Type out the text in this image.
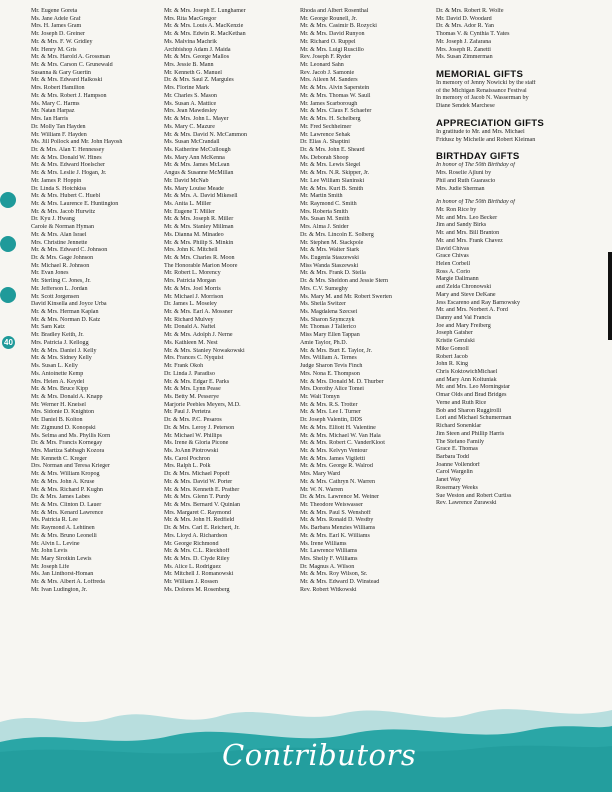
Mr. Eugene Goreta
Ms. Jane Adele Graf
Mrs. H. James Gram
Mr. Joseph D. Greiner
Mr. & Mrs. F. W. Gridley
Mr. Henry M. Gris
Mr. & Mrs. Harold A. Grossman
Mr. & Mrs. Carson C. Grunewald
Susanna & Gary Guertin
Mr. & Mrs. Edward Halkoski
Mrs. Robert Hamilton
Mr. & Mrs. Robert J. Hampson
Ms. Mary C. Harms
Mr. Natan Harpaz
Mrs. Ian Harris
Dr. Molly Tan Hayden
Mr. William F. Hayden
Ms. Jill Pollock and Mr. John Hayosh
Dr. & Mrs. Alan T. Hennessey
Mr. & Mrs. Donald W. Hines
Mr. & Mrs. Edward Hoelscher
Mr. & Mrs. Leslie J. Hogan, Jr.
Mr. James P. Hoppin
Dr. Linda S. Hotchkiss
Mr. & Mrs. Hubert C. Huebl
Mr. & Mrs. Laurence E. Huntington
Mr. & Mrs. Jacob Hurwitz
Dr. Kyu J. Hwang
Carole & Norman Hyman
Mr. & Mrs. Alan Israel
Mrs. Christine Jennette
Mr. & Mrs. Edward C. Johnson
Dr. & Mrs. Gage Johnson
Mr. Michael R. Johnson
Mr. Evan Jones
Mr. Sterling C. Jones, Jr.
Mr. Jefferson L. Jordan
Mr. Scott Jorgensen
David Kinsella and Joyce Urba
Mr. & Mrs. Herman Kaplan
Mr. & Mrs. Norman D. Katz
Mr. Sam Katz
Mr. Bradley Keith, Jr.
Mrs. Patricia J. Kellogg
Mr. & Mrs. Daniel J. Kelly
Mr. & Mrs. Sidney Kelly
Ms. Susan L. Kelly
Ms. Antoinette Kemp
Mrs. Helen A. Keydel
Mr. & Mrs. Bruce Kipp
Mr. & Mrs. Donald A. Knapp
Mr. Werner H. Kneisel
Mrs. Sidonie D. Knighton
Mr. Daniel B. Kolton
Mr. Zigmund D. Konopski
Ms. Selma and Ms. Phyllis Korn
Dr. & Mrs. Francis Kornegay
Mrs. Martiza Sabbagh Kozora
Mr. Kenneth C. Kreger
Drs. Norman and Teresa Krieger
Mr. & Mrs. William Kropog
Mr. & Mrs. John A. Kruse
Mr. & Mrs. Richard P. Kughn
Dr. & Mrs. James Labes
Mr. & Mrs. Clinton D. Lauer
Mr. & Mrs. Kenard Lawrence
Ms. Patricia R. Lee
Mr. Raymond A. Lehtinen
Mr. & Mrs. Bruno Leonelli
Mr. Alvin L. Levine
Mr. John Levis
Mr. Mary Sirotkin Lewis
Mr. Joseph Life
Ms. Jan Linthorst-Homan
Mr. & Mrs. Albert A. Loffreda
Mr. Ivan Ludington, Jr.
Mr. & Mrs. Joseph E. Lunghamer
Mrs. Rita MacGregor
Mr. & Mrs. Louis A. MacKenzie
Mr. & Mrs. Edwin R. MacKethan
Ms. Malvina Machrik
Archbishop Adam J. Maida
Mr. & Mrs. George Mallos
Mrs. Jessie B. Mann
Mr. Kenneth G. Manuel
Dr. & Mrs. Saul Z. Margules
Mrs. Florine Mark
Mr. Charles S. Mason
Ms. Susan A. Mattice
Mrs. Jean Mawdesley
Mr. & Mrs. John L. Mayer
Ms. Mary C. Mazure
Mr. & Mrs. David N. McCammon
Ms. Susan McCrandall
Ms. Katherine McCullough
Ms. Mary Ann McKenna
Mr. & Mrs. James McLean
Angus & Susanne McMillan
Mr. David McNab
Ms. Mary Louise Meade
Mr. & Mrs. A. David Mikesell
Ms. Anita L. Miller
Mr. Eugene T. Miller
Mr. & Mrs. Joseph R. Miller
Mr. & Mrs. Stanley Millman
Ms. Dianna M. Minadeo
Mr. & Mrs. Philip S. Minkin
Mrs. John K. Mitchell
Mr. & Mrs. Charles R. Moon
The Honorable Marion Moore
Mr. Robert L. Morency
Mrs. Patricia Morgan
Mr. & Mrs. Joel Morris
Mr. Michael J. Morrison
Dr. James L. Moseley
Mr. & Mrs. Earl A. Mossner
Mr. Richard Mulvey
Mr. Donald A. Naftel
Mr. & Mrs. Adolph J. Nerne
Ms. Kathleen M. Nest
Mr. & Mrs. Stanley Nowakowski
Mrs. Frances C. Nyquist
Mr. Frank Okoh
Dr. Linda J. Paradiso
Mr. & Mrs. Edgar E. Parks
Mr. & Mrs. Lynn Pease
Ms. Betty M. Pesserye
Marjorie Peebles Meyers, M.D.
Mr. Paul J. Pertetra
Dr. & Mrs. P.C. Pesaros
Dr. & Mrs. Leroy J. Peterson
Mr. Michael W. Phillips
Ms. Irene & Gloria Picone
Ms. JoAnn Piotrowski
Ms. Carol Pochron
Mrs. Ralph L. Polk
Dr. & Mrs. Michael Popoff
Mr. & Mrs. David W. Porter
Mr. & Mrs. Kenneth E. Prather
Mr. & Mrs. Glenn T. Purdy
Mr. & Mrs. Bernard V. Quinlan
Mrs. Margaret C. Raymond
Mr. & Mrs. John H. Redfield
Dr. & Mrs. Carl E. Reichert, Jr.
Mrs. Lloyd A. Richardson
Mr. George Richmond
Mr. & Mrs. C.L. Rieckhoff
Mr. & Mrs. D. Clyde Riley
Ms. Alice L. Rodriguez
Mr. Mitchell J. Romanowski
Mr. William J. Rossen
Ms. Dolores M. Rosenberg
Rhoda and Albert Rosenthal
Mr. George Rounell, Jr.
Mr. & Mrs. Casimir B. Rozycki
Mr. & Mrs. David Runyon
Mr. Richard O. Ruppel
Mr. & Mrs. Luigi Ruscillo
Rev. Joseph F. Ryder
Mr. Leonard Sahn
Rev. Jacob J. Samonie
Mrs. Aileen M. Sanders
Mr. & Mrs. Alvin Saperstein
Mr. & Mrs. Thomas W. Saull
Mr. James Scarborough
Mr. & Mrs. Claus F. Schaefer
Mr. & Mrs. H. Schelberg
Mr. Fred Sechheimer
Mr. Lawrence Sehak
Dr. Elias A. Shaptini
Dr. & Mrs. John E. Sheard
Ms. Deborah Shoop
Mr. & Mrs. Lewis Siegel
Mr. & Mrs. N.R. Skipper, Jr.
Mr. Lee William Slaninski
Mr. & Mrs. Kurt B. Smith
Mr. Martin Smith
Mr. Raymond C. Smith
Mrs. Roberta Smith
Ms. Susan M. Smith
Mrs. Alma J. Snider
Dr. & Mrs. Lincoln E. Solberg
Mr. Stephen M. Stackpole
Mr. & Mrs. Walter Stark
Ms. Eugenia Staszewski
Miss Wanda Staszewski
Mr. & Mrs. Frank D. Stella
Dr. & Mrs. Sheldon and Jessie Stern
Mrs. C.V. Sumeghy
Ms. Mary M. and Mr. Robert Swerten
Ms. Sheila Switzer
Ms. Magdalena Szecsei
Ms. Sharon Szymczyk
Mr. Thomas J Tallerico
Miss Mary Ellen Tappan
Amie Taylor, Ph.D.
Mr. & Mrs. Burt E. Taylor, Jr.
Mrs. William A. Ternes
Judge Sharon Tevis Finch
Mrs. Nona E. Thompson
Mr. & Mrs. Donald M. D. Thurber
Mrs. Dorothy Alice Tomei
Mr. Walt Tomyn
Mr. & Mrs. R.S. Trotter
Mr. & Mrs. Lee I. Turner
Dr. Joseph Valentin, DDS
Mr. & Mrs. Elliott H. Valentine
Mr. & Mrs. Michael W. Van Hala
Mr. & Mrs. Robert C. VanderKloot
Mr. & Mrs. Kelvyn Ventour
Mr. & Mrs. James Vigiletti
Mr. & Mrs. George R. Walrod
Mrs. Mary Ward
Mr. & Mrs. Cathryn N. Warren
Mr. W. N. Warren
Dr. & Mrs. Lawrence M. Weiner
Mr. Theodore Weiswasser
Mr. & Mrs. Paul S. Wenshoff
Mr. & Mrs. Ronald D. Westby
Ms. Barbara Menzies Williams
Mr. & Mrs. Earl K. Williams
Ms. Irene Williams
Mr. Lawrence Williams
Mrs. Shelly F. Williams
Dr. Magnus A. Wilson
Mr. & Mrs. Roy Wilson, Sr.
Mr. & Mrs. Edward D. Winstead
Rev. Robert Witkowski
Dr. & Mrs. Robert R. Wolfe
Mr. David D. Woodard
Dr. & Mrs. Ador R. Yan
Thomas V. & Cynthia T. Yates
Mr. Joseph J. Zafarana
Mrs. Joseph R. Zanetti
Ms. Susan Zimmerman
MEMORIAL GIFTS
In memory of Jenny Nowicki by the staff
of the Michigan Renaissance Festival
In memory of Jacob N. Wasserman by
Diane Sendek Marchese
APPRECIATION GIFTS
In gratitude to Mr. and Mrs. Michael
Fridusz by Michelle and Robert Kleiman
BIRTHDAY GIFTS
In honor of The 50th Birthday of
Mrs. Roselie Ajluni by
Phil and Ruth Guarascio
Mrs. Judie Sherman
In honor of The 50th Birthday of
Mr. Ron Rice by
Mr. and Mrs. Leo Becker
Jim and Sandy Birks
Mr. and Mrs. Bill Branton
Mr. and Mrs. Frank Chavez
David Chivas
Grace Chivas
Helen Corbell
Ross A. Corio
Margie Dallmann
and Zelda Chronowski
Mary and Steve DeKane
Jess Escareno and Ray Barnowsky
Mr. and Mrs. Norbert A. Ford
Danny and Val Francis
Joe and Mary Freiberg
Joseph Gatsher
Kristie Gerulski
Mike Gomoll
Robert Jacob
John R. King
Chris KoktowichMichael
and Mary Ann Koltuniak
Mr. and Mrs. Leo Morningstar
Omar Olds and Brad Bridges
Verne and Ruth Rice
Bob and Sharon Ruggirolli
Lori and Michael Schumerman
Richard Sonenklar
Jim Steen and Phillip Harris
The Stefano Family
Grace E. Thomas
Barbara Todd
Joanne Vollendorf
Carol Wargelin
Janet Way
Rosemary Weeks
Sue Weston and Robert Curtiss
Rev. Lawrence Zurawski
40
Contributors
